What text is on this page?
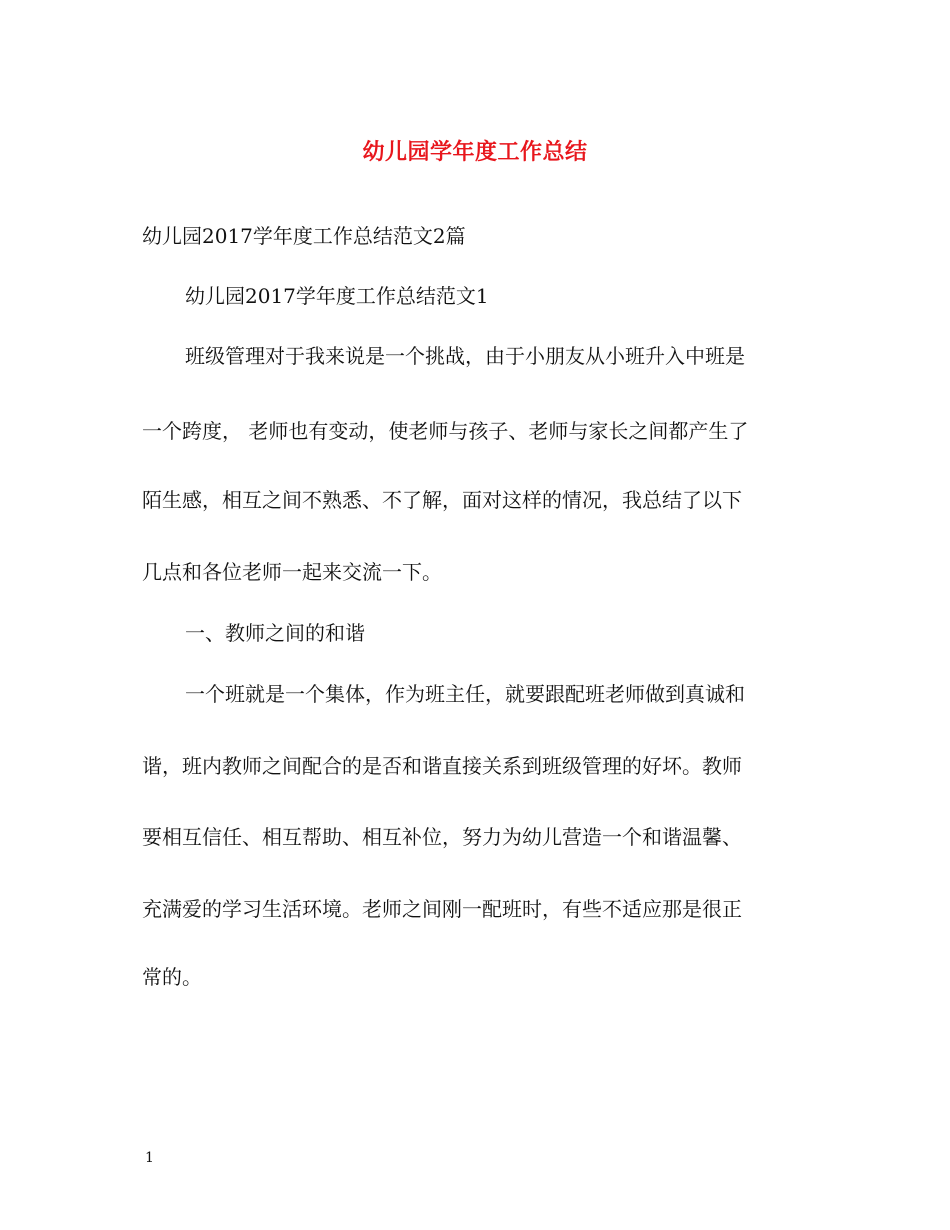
幼儿园学年度工作总结
幼儿园2017学年度工作总结范文2篇
幼儿园2017学年度工作总结范文1
班级管理对于我来说是一个挑战，由于小朋友从小班升入中班是
一个跨度， 老师也有变动，使老师与孩子、老师与家长之间都产生了
陌生感，相互之间不熟悉、不了解，面对这样的情况，我总结了以下
几点和各位老师一起来交流一下。
一、教师之间的和谐
一个班就是一个集体，作为班主任，就要跟配班老师做到真诚和
谐，班内教师之间配合的是否和谐直接关系到班级管理的好坏。教师
要相互信任、相互帮助、相互补位，努力为幼儿营造一个和谐温馨、
充满爱的学习生活环境。老师之间刚一配班时，有些不适应那是很正
常的。
1
